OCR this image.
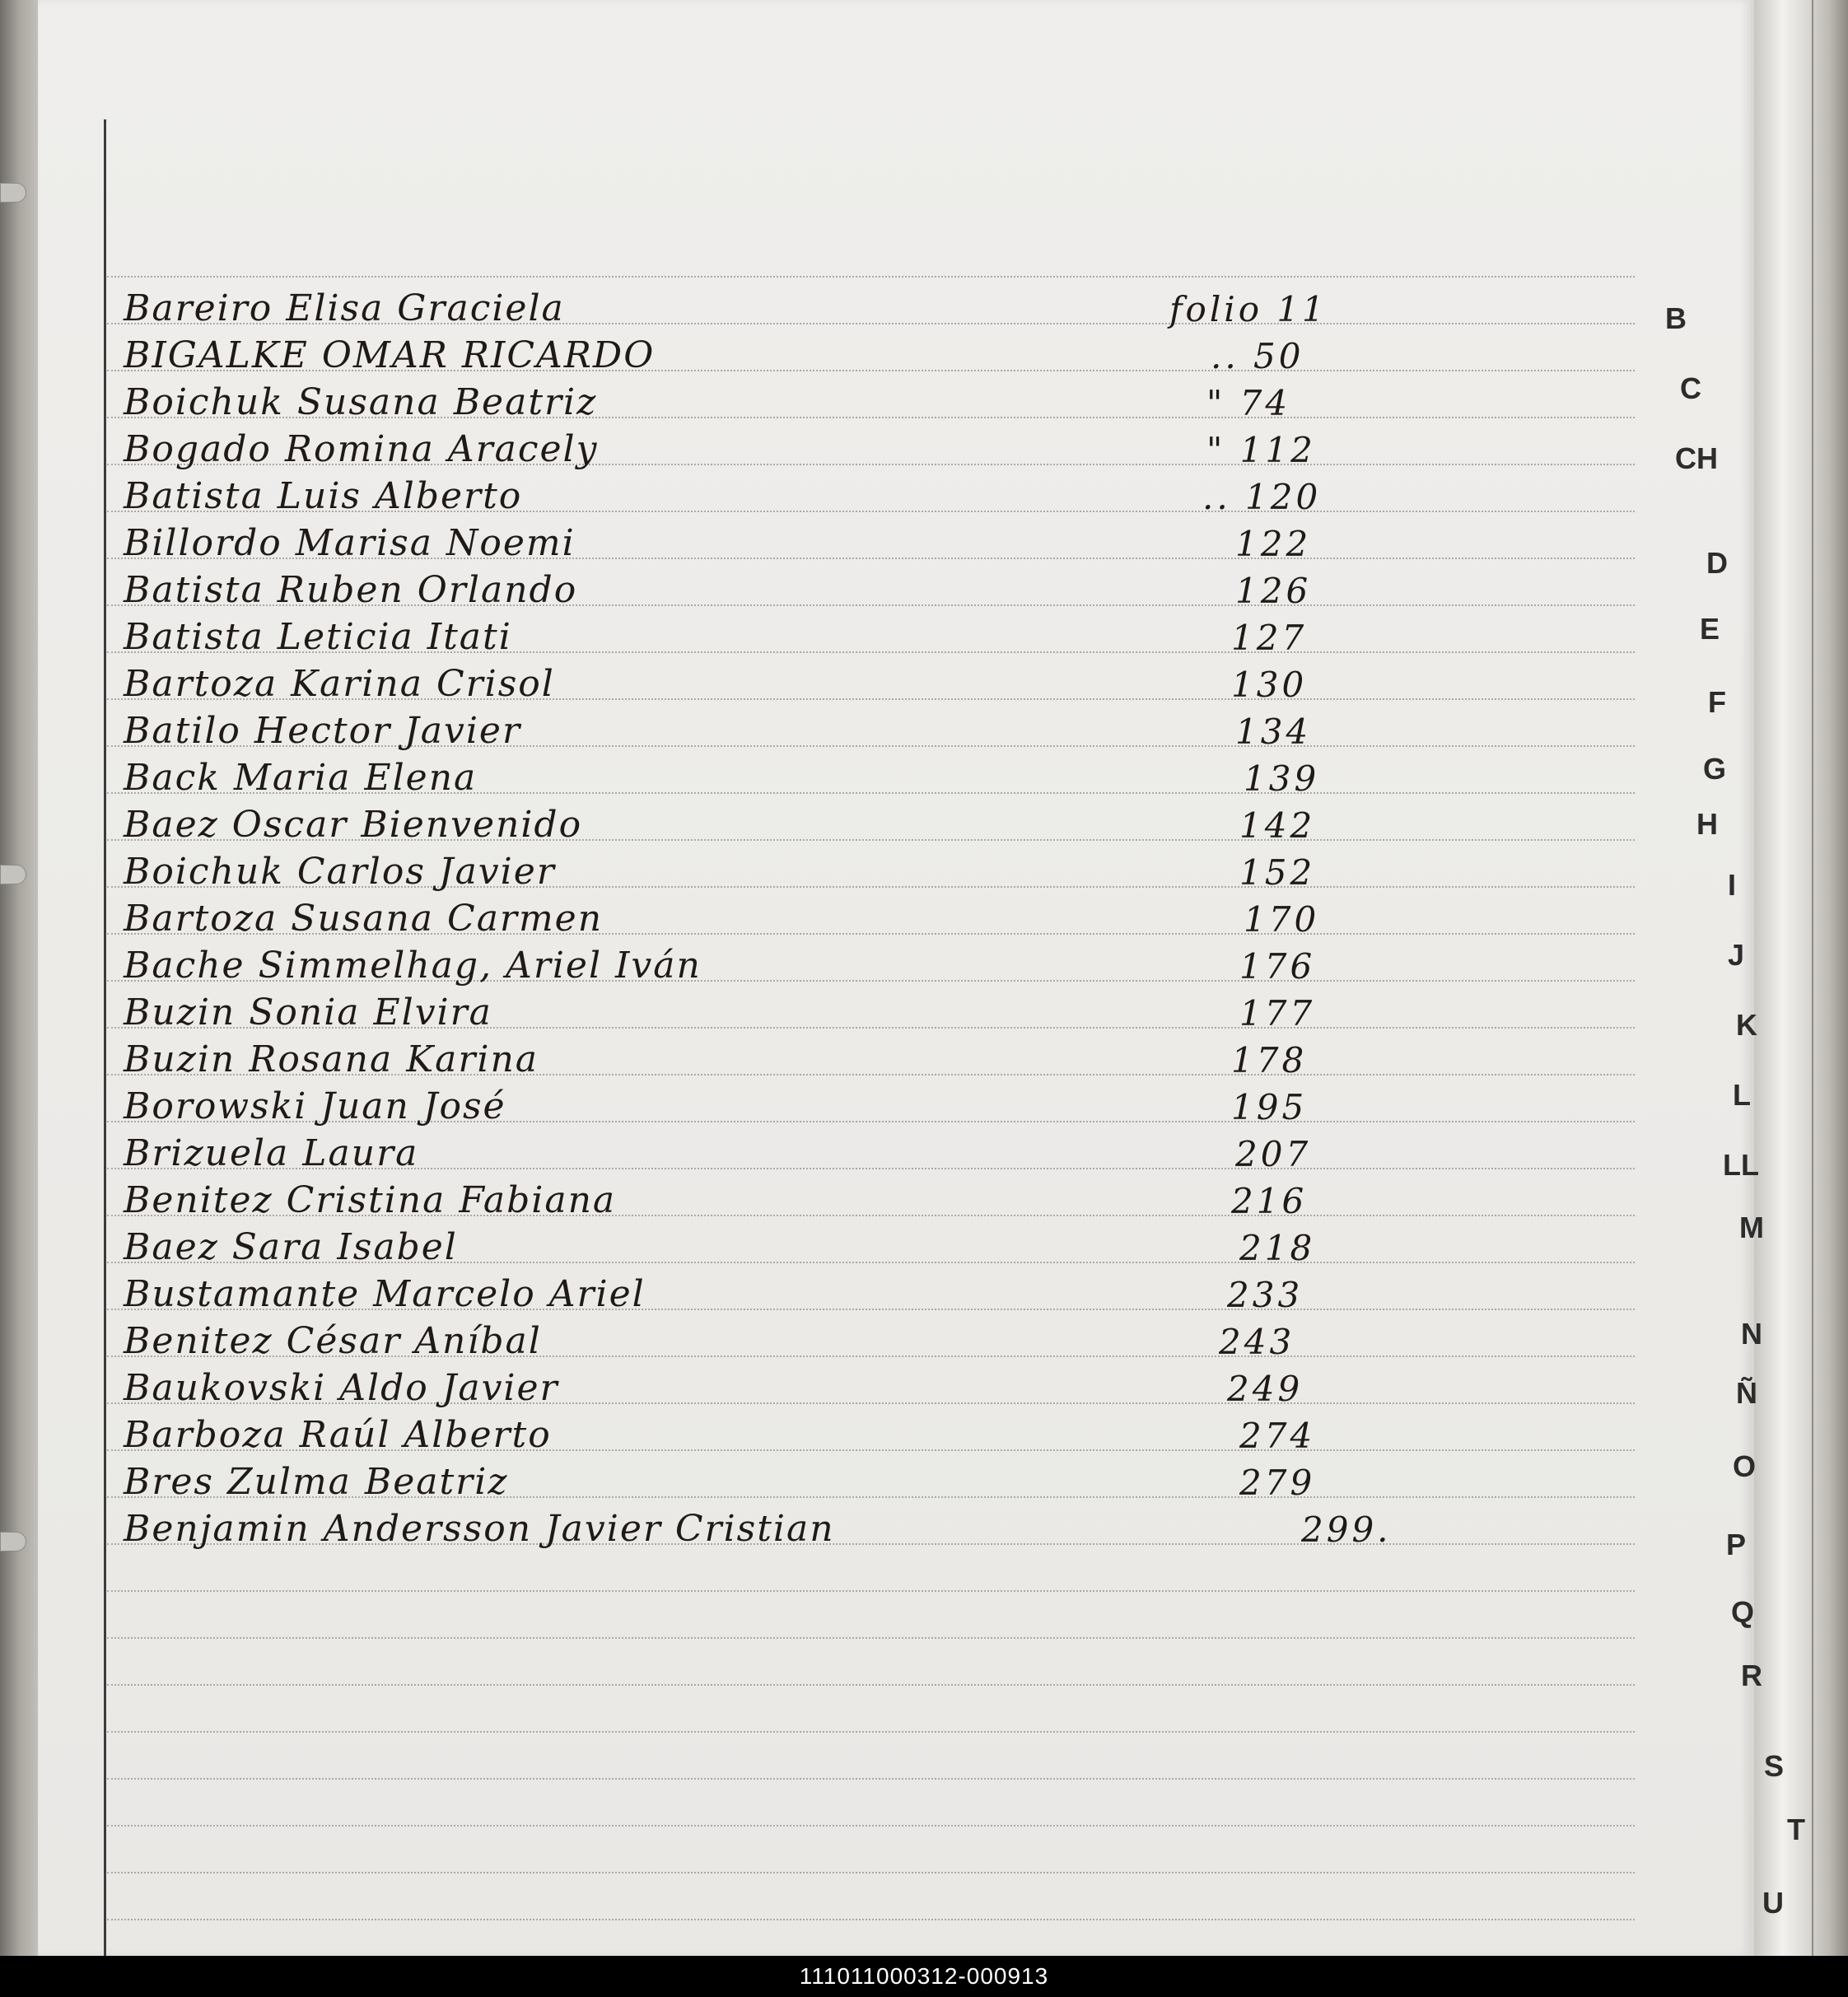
Bareiro Elisa Graciela
BIGALKE OMAR RICARDO
Boichuk Susana Beatriz
Bogado Romina Aracely
Batista Luis Alberto
Billordo Marisa Noemi
Batista Ruben Orlando
Batista Leticia Itati
Bartoza Karina Crisol
Batilo Hector Javier
Back Maria Elena
Baez Oscar Bienvenido
Boichuk Carlos Javier
Bartoza Susana Carmen
Bache Simmelhag, Ariel Iván
Buzin Sonia Elvira
Buzin Rosana Karina
Borowski Juan José
Brizuela Laura
Benitez Cristina Fabiana
Baez Sara Isabel
Bustamante Marcelo Ariel
Benitez César Aníbal
Baukovski Aldo Javier
Barboza Raúl Alberto
Bres Zulma Beatriz
Benjamin Andersson Javier Cristian
folio 11
.. 50
" 74
" 112
.. 120
122
126
127
130
134
139
142
152
170
176
177
178
195
207
216
218
233
243
249
274
279
299.
B
C
CH
D
E
F
G
H
I
J
K
L
LL
M
N
Ñ
O
P
Q
R
S
T
U
111011000312-000913
